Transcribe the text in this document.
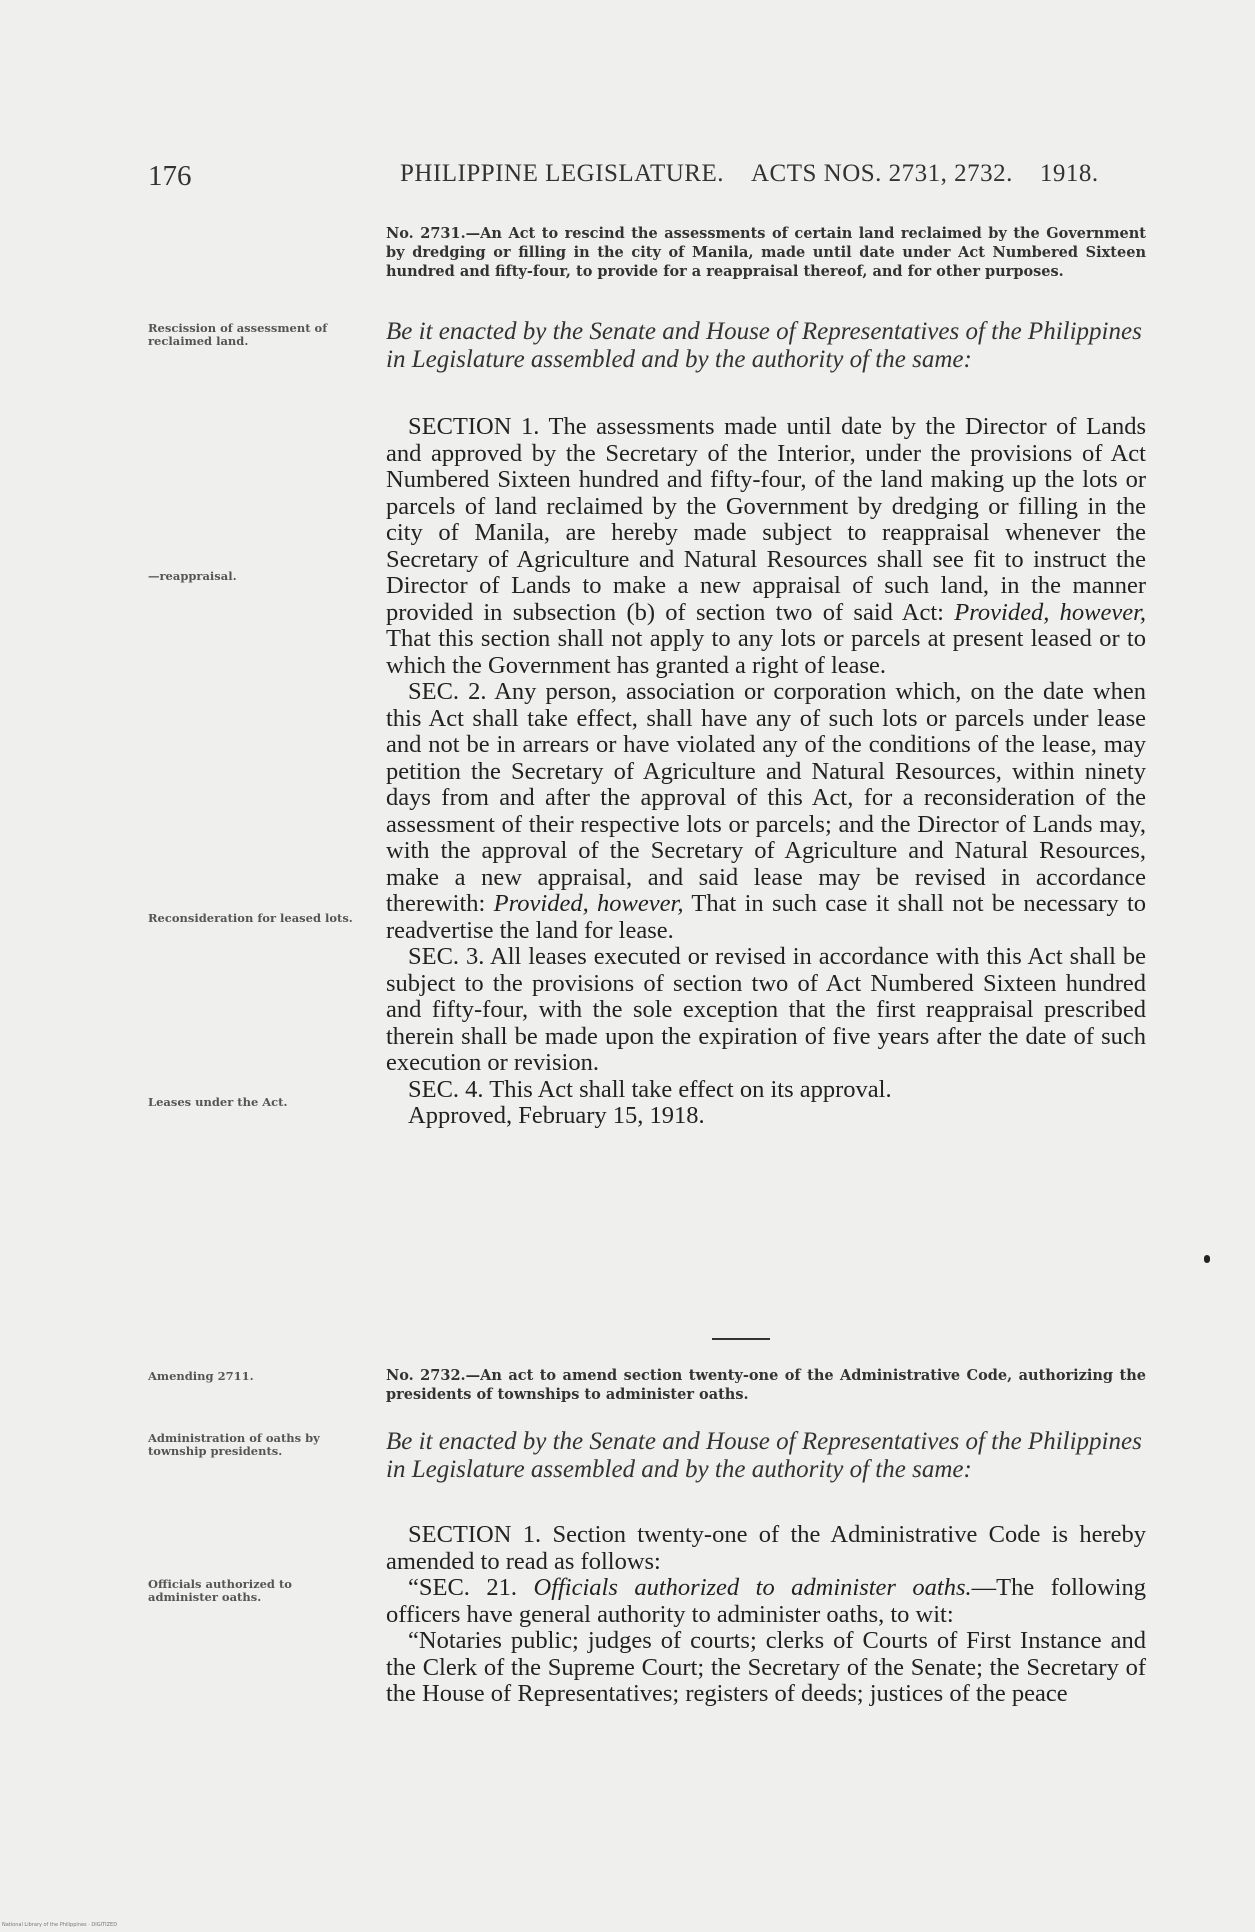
176	PHILIPPINE LEGISLATURE. ACTS NOS. 2731, 2732. 1918.
No. 2731.—An Act to rescind the assessments of certain land reclaimed by the Government by dredging or filling in the city of Manila, made until date under Act Numbered Sixteen hundred and fifty-four, to provide for a reappraisal thereof, and for other purposes.
Be it enacted by the Senate and House of Representatives of the Philippines in Legislature assembled and by the authority of the same:

SECTION 1. The assessments made until date by the Director of Lands and approved by the Secretary of the Interior, under the provisions of Act Numbered Sixteen hundred and fifty-four, of the land making up the lots or parcels of land reclaimed by the Government by dredging or filling in the city of Manila, are hereby made subject to reappraisal whenever the Secretary of Agriculture and Natural Resources shall see fit to instruct the Director of Lands to make a new appraisal of such land, in the manner provided in subsection (b) of section two of said Act: Provided, however, That this section shall not apply to any lots or parcels at present leased or to which the Government has granted a right of lease.

SEC. 2. Any person, association or corporation which, on the date when this Act shall take effect, shall have any of such lots or parcels under lease and not be in arrears or have violated any of the conditions of the lease, may petition the Secretary of Agriculture and Natural Resources, within ninety days from and after the approval of this Act, for a reconsideration of the assessment of their respective lots or parcels; and the Director of Lands may, with the approval of the Secretary of Agriculture and Natural Resources, make a new appraisal, and said lease may be revised in accordance therewith: Provided, however, That in such case it shall not be necessary to readvertise the land for lease.

SEC. 3. All leases executed or revised in accordance with this Act shall be subject to the provisions of section two of Act Numbered Sixteen hundred and fifty-four, with the sole exception that the first reappraisal prescribed therein shall be made upon the expiration of five years after the date of such execution or revision.

SEC. 4. This Act shall take effect on its approval.

Approved, February 15, 1918.

No. 2732.—An act to amend section twenty-one of the Administrative Code, authorizing the presidents of townships to administer oaths.
Be it enacted by the Senate and House of Representatives of the Philippines in Legislature assembled and by the authority of the same:

SECTION 1. Section twenty-one of the Administrative Code is hereby amended to read as follows:

“SEC. 21. Officials authorized to administer oaths.—The following officers have general authority to administer oaths, to wit:

“Notaries public; judges of courts; clerks of Courts of First Instance and the Clerk of the Supreme Court; the Secretary of the Senate; the Secretary of the House of Representatives; registers of deeds; justices of the peace

Rescission of assessment of reclaimed land.
—reappraisal.
Reconsideration for leased lots.
Leases under the Act.
Amending 2711.
Administration of oaths by township presidents.
Officials authorized to administer oaths.
National Library of the Philippines · DIGITIZED
